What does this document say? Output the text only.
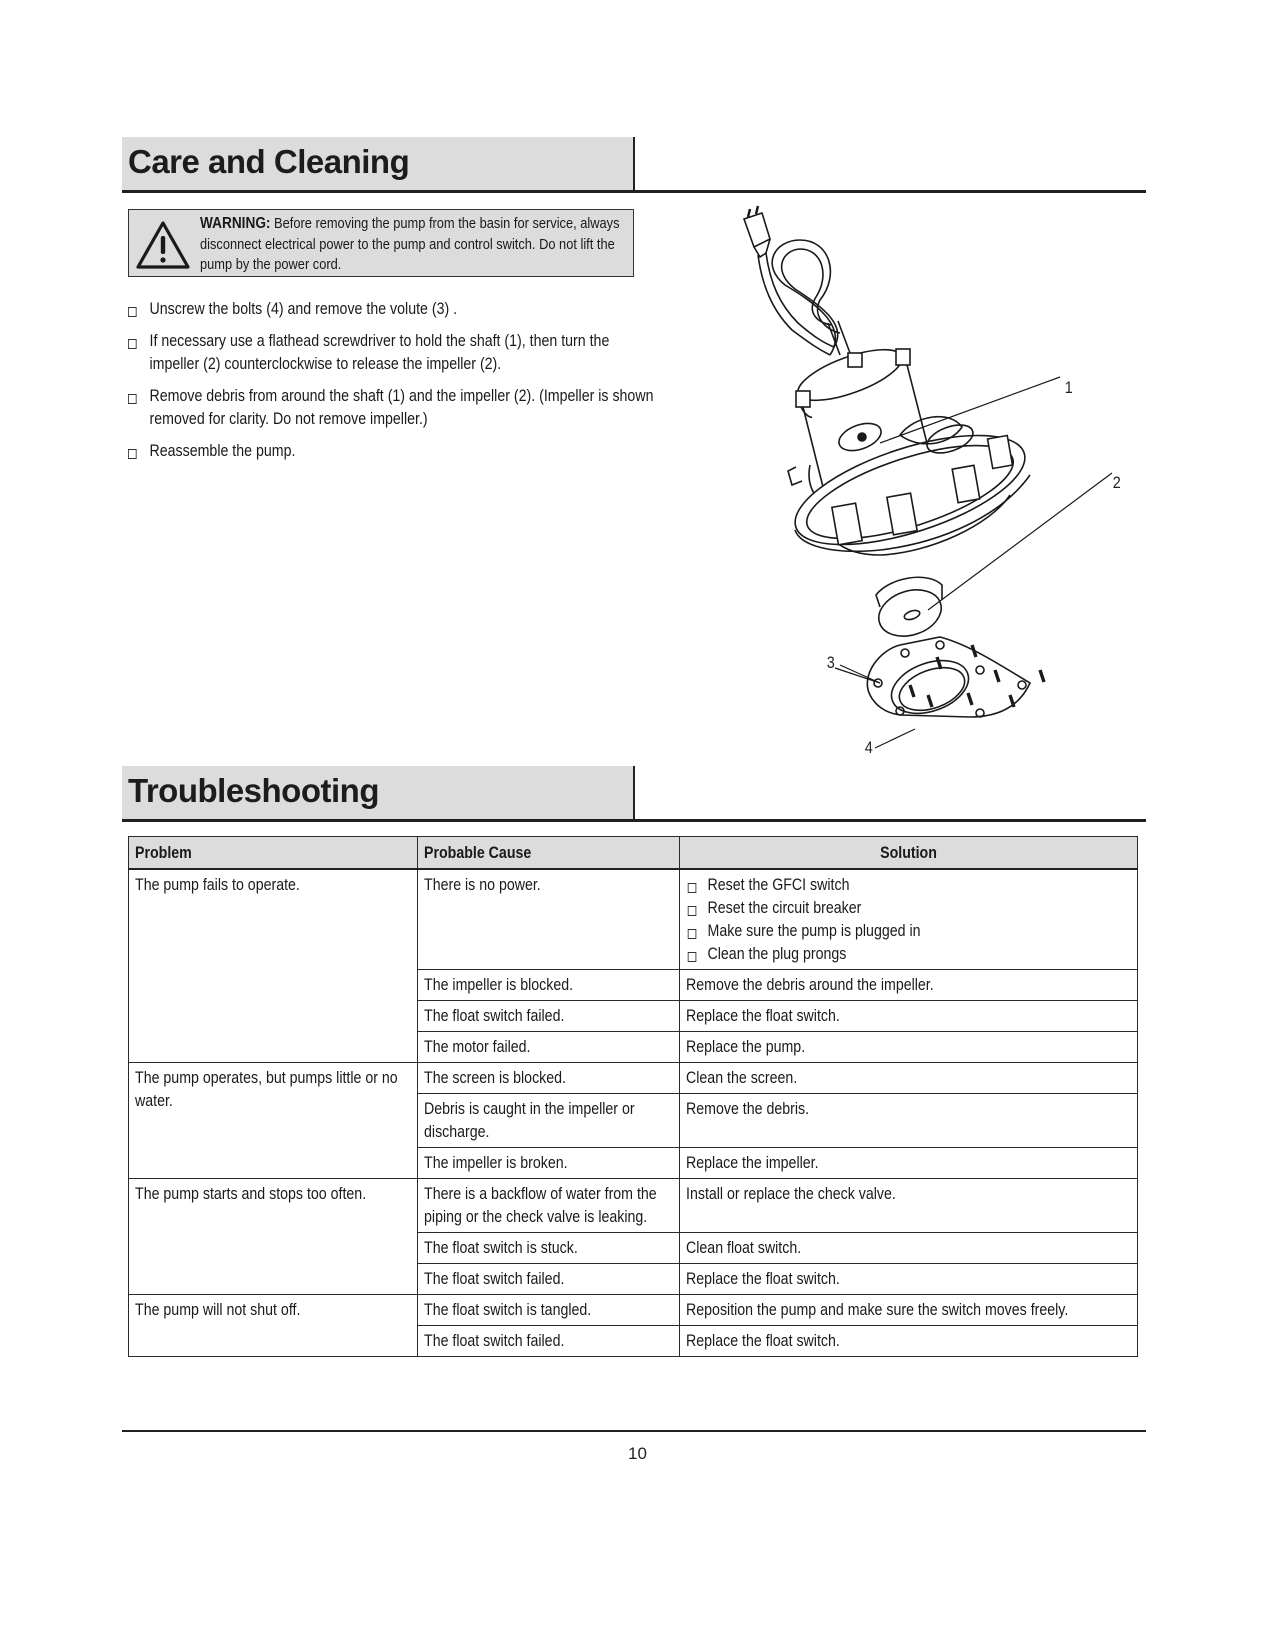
Care and Cleaning
WARNING: Before removing the pump from the basin for service, always disconnect electrical power to the pump and control switch. Do not lift the pump by the power cord.
Unscrew the bolts (4) and remove the volute (3) .
If necessary use a flathead screwdriver to hold the shaft (1), then turn the impeller (2) counterclockwise to release the impeller (2).
Remove debris from around the shaft (1) and the impeller (2). (Impeller is shown removed for clarity. Do not remove impeller.)
Reassemble the pump.
1
2
3
4
Troubleshooting
Problem	Probable Cause	Solution

The pump fails to operate.	There is no power.	Reset the GFCI switch
Reset the circuit breaker
Make sure the pump is plugged in
Clean the plug prongs

	The impeller is blocked.	Remove the debris around the impeller.

	The float switch failed.	Replace the float switch.

	The motor failed.	Replace the pump.

The pump operates, but pumps little or no water.	The screen is blocked.	Clean the screen.

	Debris is caught in the impeller or discharge.	Remove the debris.

	The impeller is broken.	Replace the impeller.

The pump starts and stops too often.	There is a backflow of water from the piping or the check valve is leaking.	Install or replace the check valve.

	The float switch is stuck.	Clean float switch.

	The float switch failed.	Replace the float switch.

The pump will not shut off.	The float switch is tangled.	Reposition the pump and make sure the switch moves freely.

	The float switch failed.	Replace the float switch.
10
